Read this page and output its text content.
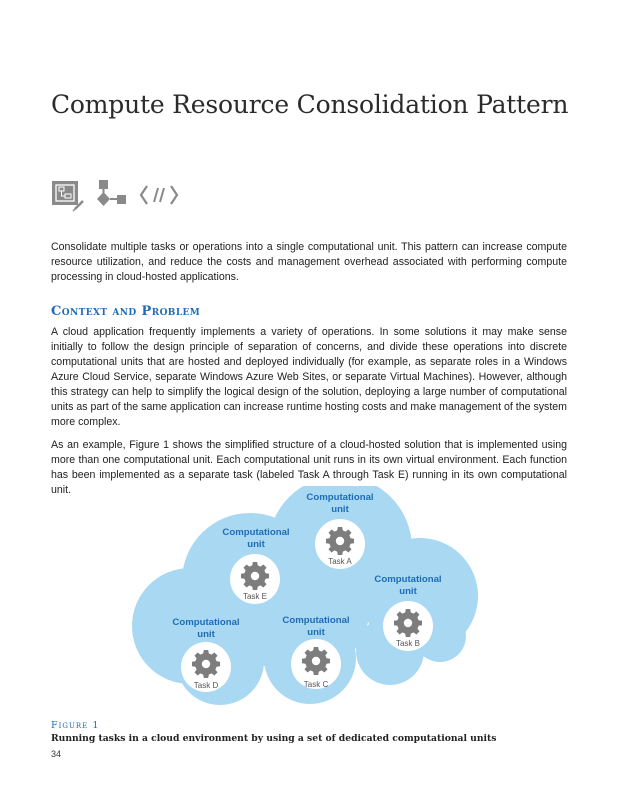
Compute Resource Consolidation Pattern

Consolidate multiple tasks or operations into a single computational unit. This pattern can increase compute resource utilization, and reduce the costs and management overhead associated with performing compute processing in cloud-hosted applications.

Context and Problem

A cloud application frequently implements a variety of operations. In some solutions it may make sense initially to follow the design principle of separation of concerns, and divide these operations into discrete computational units that are hosted and deployed individually (for example, as separate roles in a Windows Azure Cloud Service, separate Windows Azure Web Sites, or separate Virtual Machines). However, although this strategy can help to simplify the logical design of the solution, deploying a large number of computational units as part of the same application can increase runtime hosting costs and make management of the system more complex.

As an example, Figure 1 shows the simplified structure of a cloud-hosted solution that is implemented using more than one computational unit. Each computational unit runs in its own virtual environment. Each function has been implemented as a separate task (labeled Task A through Task E) running in its own computational unit.

Computational
unit
Task A
Computational
unit
Task E
Computational
unit
Task B
Computational
unit
Task D
Computational
unit
Task C

Figure 1

Running tasks in a cloud environment by using a set of dedicated computational units

34
